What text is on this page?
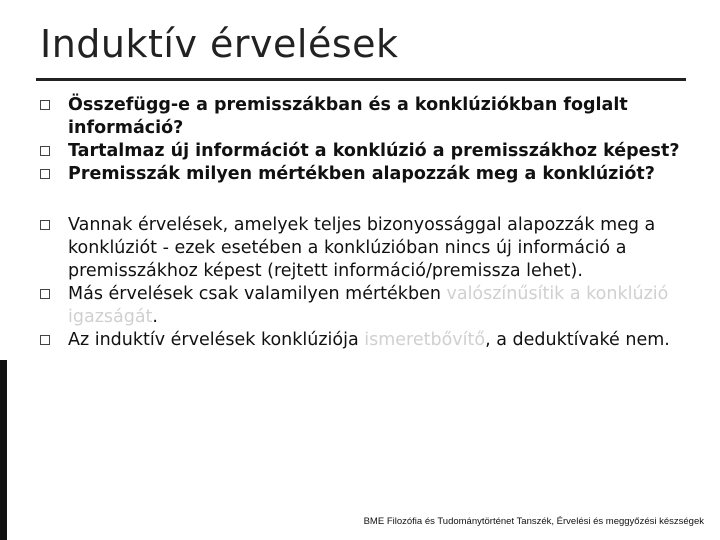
Induktív érvelések
Összefügg-e a premisszákban és a konklúziókban foglalt információ?
Tartalmaz új információt a konklúzió a premisszákhoz képest?
Premisszák milyen mértékben alapozzák meg a konklúziót?
Vannak érvelések, amelyek teljes bizonyossággal alapozzák meg a konklúziót - ezek esetében a konklúzióban nincs új információ a premisszákhoz képest (rejtett információ/premissza lehet).
Más érvelések csak valamilyen mértékben valószínűsítik a konklúzió igazságát.
Az induktív érvelések konklúziója ismeretbővítő, a deduktívaké nem.
BME Filozófia és Tudománytörténet Tanszék, Érvelési és meggyőzési készségek
